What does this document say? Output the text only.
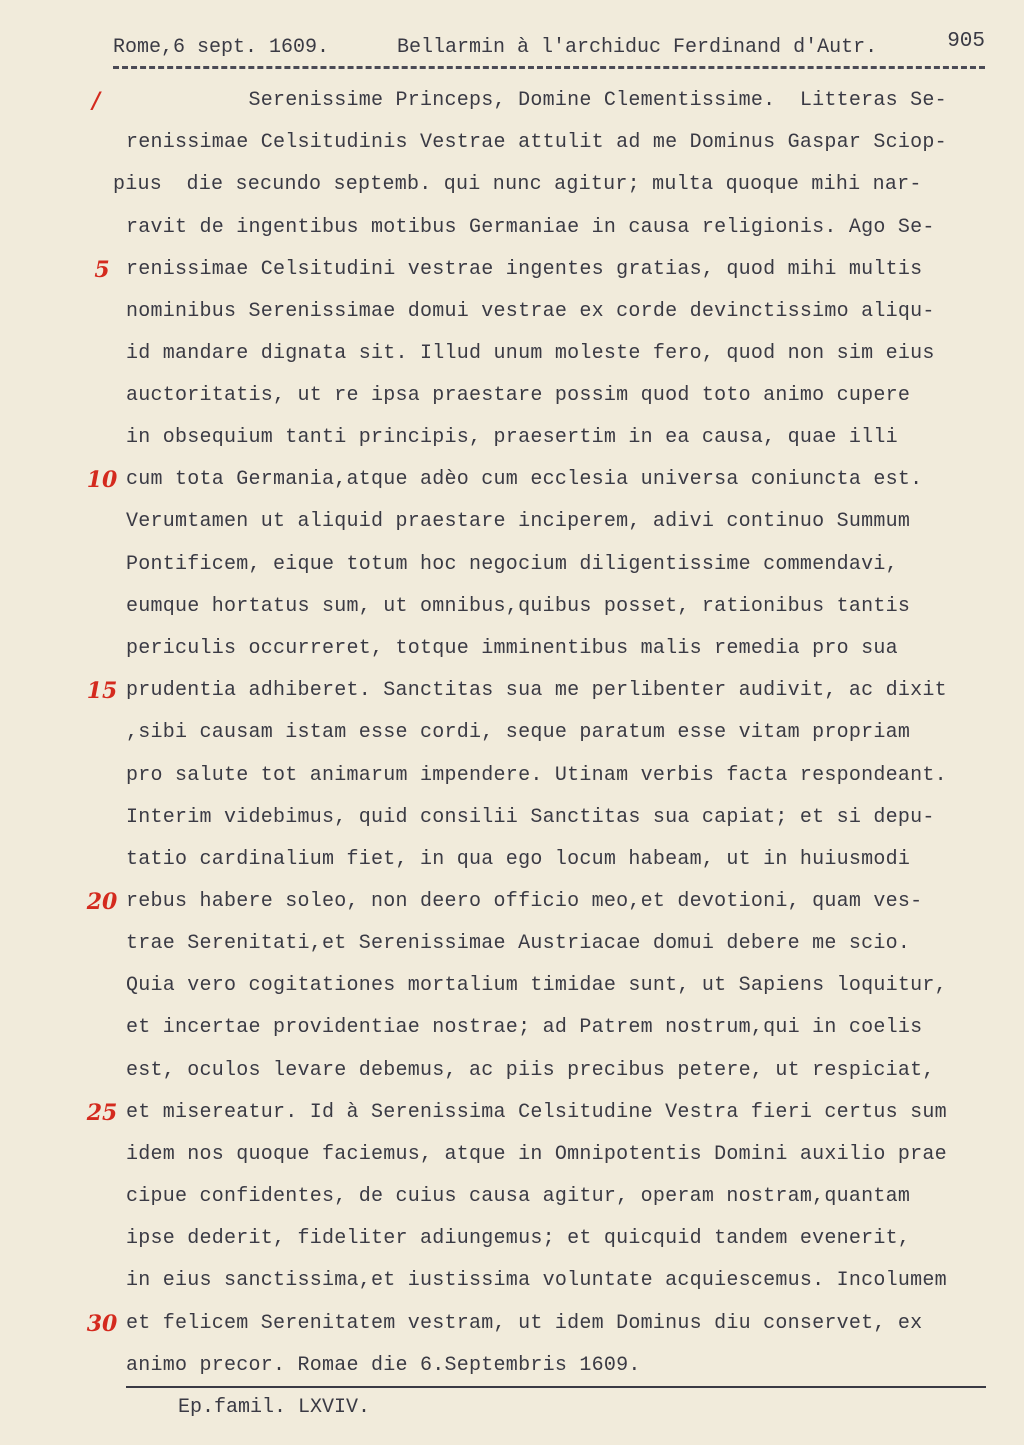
Rome,6 sept. 1609.	Bellarmin à l'archiduc Ferdinand d'Autr.	905
Serenissime Princeps, Domine Clementissime.  Litteras Se-
renissimae Celsitudinis Vestrae attulit ad me Dominus Gaspar Sciop-
pius  die secundo septemb. qui nunc agitur; multa quoque mihi nar-
ravit de ingentibus motibus Germaniae in causa religionis. Ago Se-
renissimae Celsitudini vestrae ingentes gratias, quod mihi multis
nominibus Serenissimae domui vestrae ex corde devinctissimo aliqu-
id mandare dignata sit. Illud unum moleste fero, quod non sim eius
auctoritatis, ut re ipsa praestare possim quod toto animo cupere
in obsequium tanti principis, praesertim in ea causa, quae illi
cum tota Germania,atque adèo cum ecclesia universa coniuncta est.
Verumtamen ut aliquid praestare inciperem, adivi continuo Summum
Pontificem, eique totum hoc negocium diligentissime commendavi,
eumque hortatus sum, ut omnibus,quibus posset, rationibus tantis
periculis occurreret, totque imminentibus malis remedia pro sua
prudentia adhiberet. Sanctitas sua me perlibenter audivit, ac dixit
,sibi causam istam esse cordi, seque paratum esse vitam propriam
pro salute tot animarum impendere. Utinam verbis facta respondeant.
Interim videbimus, quid consilii Sanctitas sua capiat; et si depu-
tatio cardinalium fiet, in qua ego locum habeam, ut in huiusmodi
rebus habere soleo, non deero officio meo,et devotioni, quam ves-
trae Serenitati,et Serenissimae Austriacae domui debere me scio.
Quia vero cogitationes mortalium timidae sunt, ut Sapiens loquitur,
et incertae providentiae nostrae; ad Patrem nostrum,qui in coelis
est, oculos levare debemus, ac piis precibus petere, ut respiciat,
et misereatur. Id à Serenissima Celsitudine Vestra fieri certus sum
idem nos quoque faciemus, atque in Omnipotentis Domini auxilio prae
cipue confidentes, de cuius causa agitur, operam nostram,quantam
ipse dederit, fideliter adiungemus; et quicquid tandem evenerit,
in eius sanctissima,et iustissima voluntate acquiescemus. Incolumem
et felicem Serenitatem vestram, ut idem Dominus diu conservet, ex
animo precor. Romae die 6.Septembris 1609.
/
5
10
15
20
25
30
Ep.famil. LXVIV.
